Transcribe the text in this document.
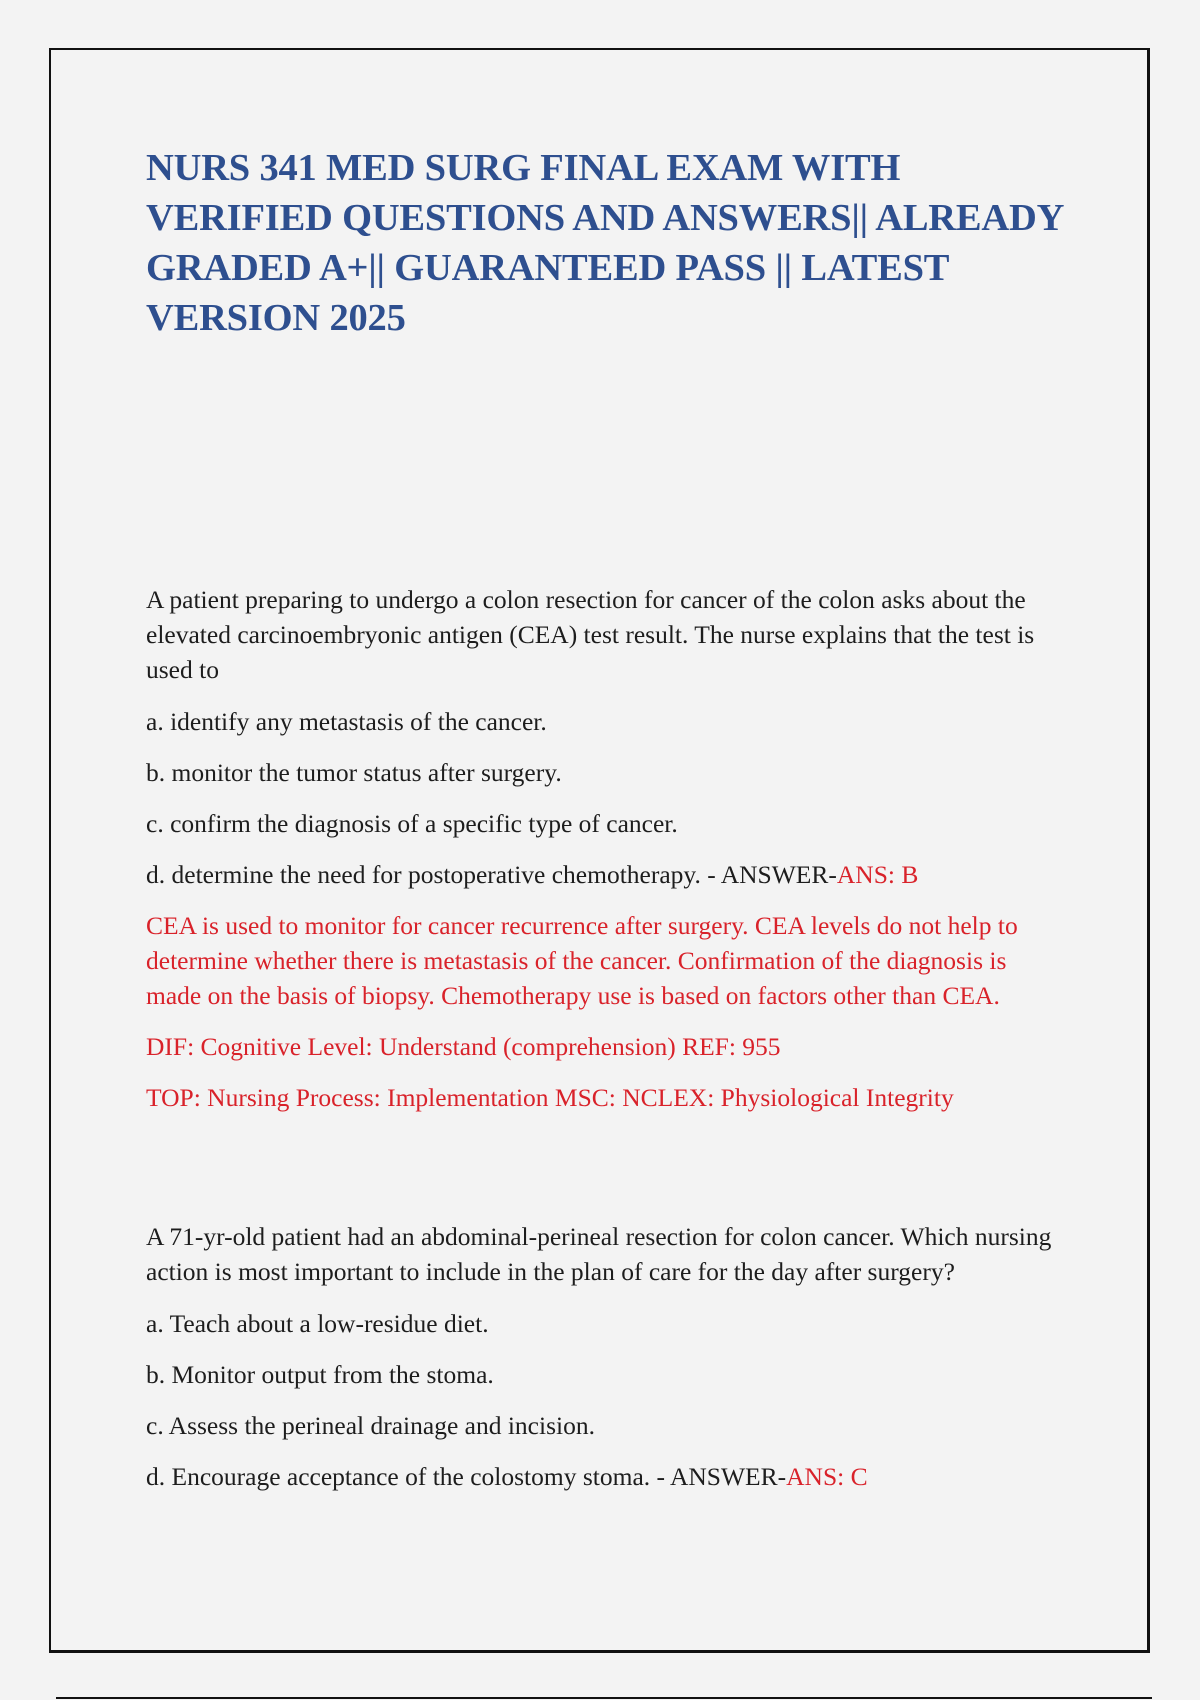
NURS 341 MED SURG FINAL EXAM WITH VERIFIED QUESTIONS AND ANSWERS|| ALREADY GRADED A+|| GUARANTEED PASS || LATEST VERSION 2025

A patient preparing to undergo a colon resection for cancer of the colon asks about the elevated carcinoembryonic antigen (CEA) test result. The nurse explains that the test is used to

a. identify any metastasis of the cancer.

b. monitor the tumor status after surgery.

c. confirm the diagnosis of a specific type of cancer.

d. determine the need for postoperative chemotherapy. - ANSWER-ANS: B

CEA is used to monitor for cancer recurrence after surgery. CEA levels do not help to determine whether there is metastasis of the cancer. Confirmation of the diagnosis is made on the basis of biopsy. Chemotherapy use is based on factors other than CEA.

DIF: Cognitive Level: Understand (comprehension) REF: 955

TOP: Nursing Process: Implementation MSC: NCLEX: Physiological Integrity

A 71-yr-old patient had an abdominal-perineal resection for colon cancer. Which nursing action is most important to include in the plan of care for the day after surgery?

a. Teach about a low-residue diet.

b. Monitor output from the stoma.

c. Assess the perineal drainage and incision.

d. Encourage acceptance of the colostomy stoma. - ANSWER-ANS: C
